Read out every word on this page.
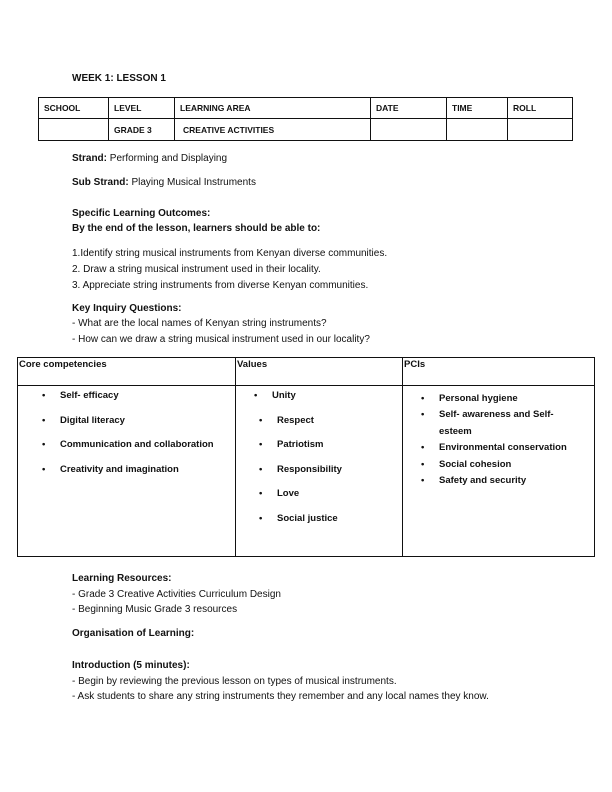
WEEK 1: LESSON 1
SCHOOL	LEVEL	LEARNING AREA	DATE	TIME	ROLL
	GRADE 3	CREATIVE ACTIVITIES			
Strand: Performing and Displaying
Sub Strand: Playing Musical Instruments
Specific Learning Outcomes:
By the end of the lesson, learners should be able to:
1.Identify string musical instruments from Kenyan diverse communities.
2. Draw a string musical instrument used in their locality.
3. Appreciate string instruments from diverse Kenyan communities.
Key Inquiry Questions:
- What are the local names of Kenyan string instruments?
- How can we draw a string musical instrument used in our locality?
Core competencies	Values	PCIs

• Self- efficacy
• Digital literacy
• Communication and collaboration
• Creativity and imagination

• Unity
• Respect
• Patriotism
• Responsibility
• Love
• Social justice

• Personal hygiene
• Self- awareness and Self-
esteem
• Environmental conservation
• Social cohesion
• Safety and security
Learning Resources:
- Grade 3 Creative Activities Curriculum Design
- Beginning Music Grade 3 resources
Organisation of Learning:
Introduction (5 minutes):
- Begin by reviewing the previous lesson on types of musical instruments.
- Ask students to share any string instruments they remember and any local names they know.
